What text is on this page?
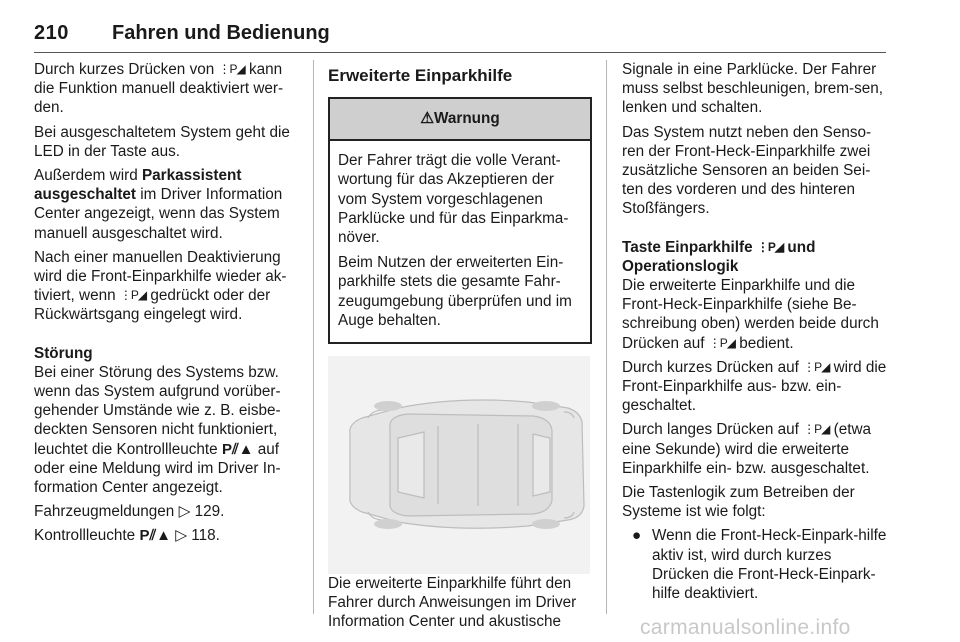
210 Fahren und Bedienung

Durch kurzes Drücken von ⋮P◢ kann die Funktion manuell deaktiviert wer-den.

Bei ausgeschaltetem System geht die LED in der Taste aus.

Außerdem wird Parkassistent ausgeschaltet im Driver Information Center angezeigt, wenn das System manuell ausgeschaltet wird.

Nach einer manuellen Deaktivierung wird die Front-Einparkhilfe wieder ak-tiviert, wenn ⋮P◢ gedrückt oder der Rückwärtsgang eingelegt wird.

Störung

Bei einer Störung des Systems bzw. wenn das System aufgrund vorüber-gehender Umstände wie z. B. eisbe-deckten Sensoren nicht funktioniert, leuchtet die Kontrollleuchte P⫽▲ auf oder eine Meldung wird im Driver In-formation Center angezeigt.

Fahrzeugmeldungen ▷ 129.

Kontrollleuchte P⫽▲ ▷ 118.

Erweiterte Einparkhilfe
⚠Warnung

Der Fahrer trägt die volle Verant-wortung für das Akzeptieren der vom System vorgeschlagenen Parklücke und für das Einparkma-növer.

Beim Nutzen der erweiterten Ein-parkhilfe stets die gesamte Fahr-zeugumgebung überprüfen und im Auge behalten.

Die erweiterte Einparkhilfe führt den Fahrer durch Anweisungen im Driver Information Center und akustische

Signale in eine Parklücke. Der Fahrer muss selbst beschleunigen, brem-sen, lenken und schalten.

Das System nutzt neben den Senso-ren der Front-Heck-Einparkhilfe zwei zusätzliche Sensoren an beiden Sei-ten des vorderen und des hinteren Stoßfängers.

Taste Einparkhilfe ⋮P◢ und Operationslogik

Die erweiterte Einparkhilfe und die Front-Heck-Einparkhilfe (siehe Be-schreibung oben) werden beide durch Drücken auf ⋮P◢ bedient.

Durch kurzes Drücken auf ⋮P◢ wird die Front-Einparkhilfe aus- bzw. ein-geschaltet.

Durch langes Drücken auf ⋮P◢ (etwa eine Sekunde) wird die erweiterte Einparkhilfe ein- bzw. ausgeschaltet.

Die Tastenlogik zum Betreiben der Systeme ist wie folgt:

● Wenn die Front-Heck-Einpark-hilfe aktiv ist, wird durch kurzes Drücken die Front-Heck-Einpark-hilfe deaktiviert.

carmanualsonline.info
